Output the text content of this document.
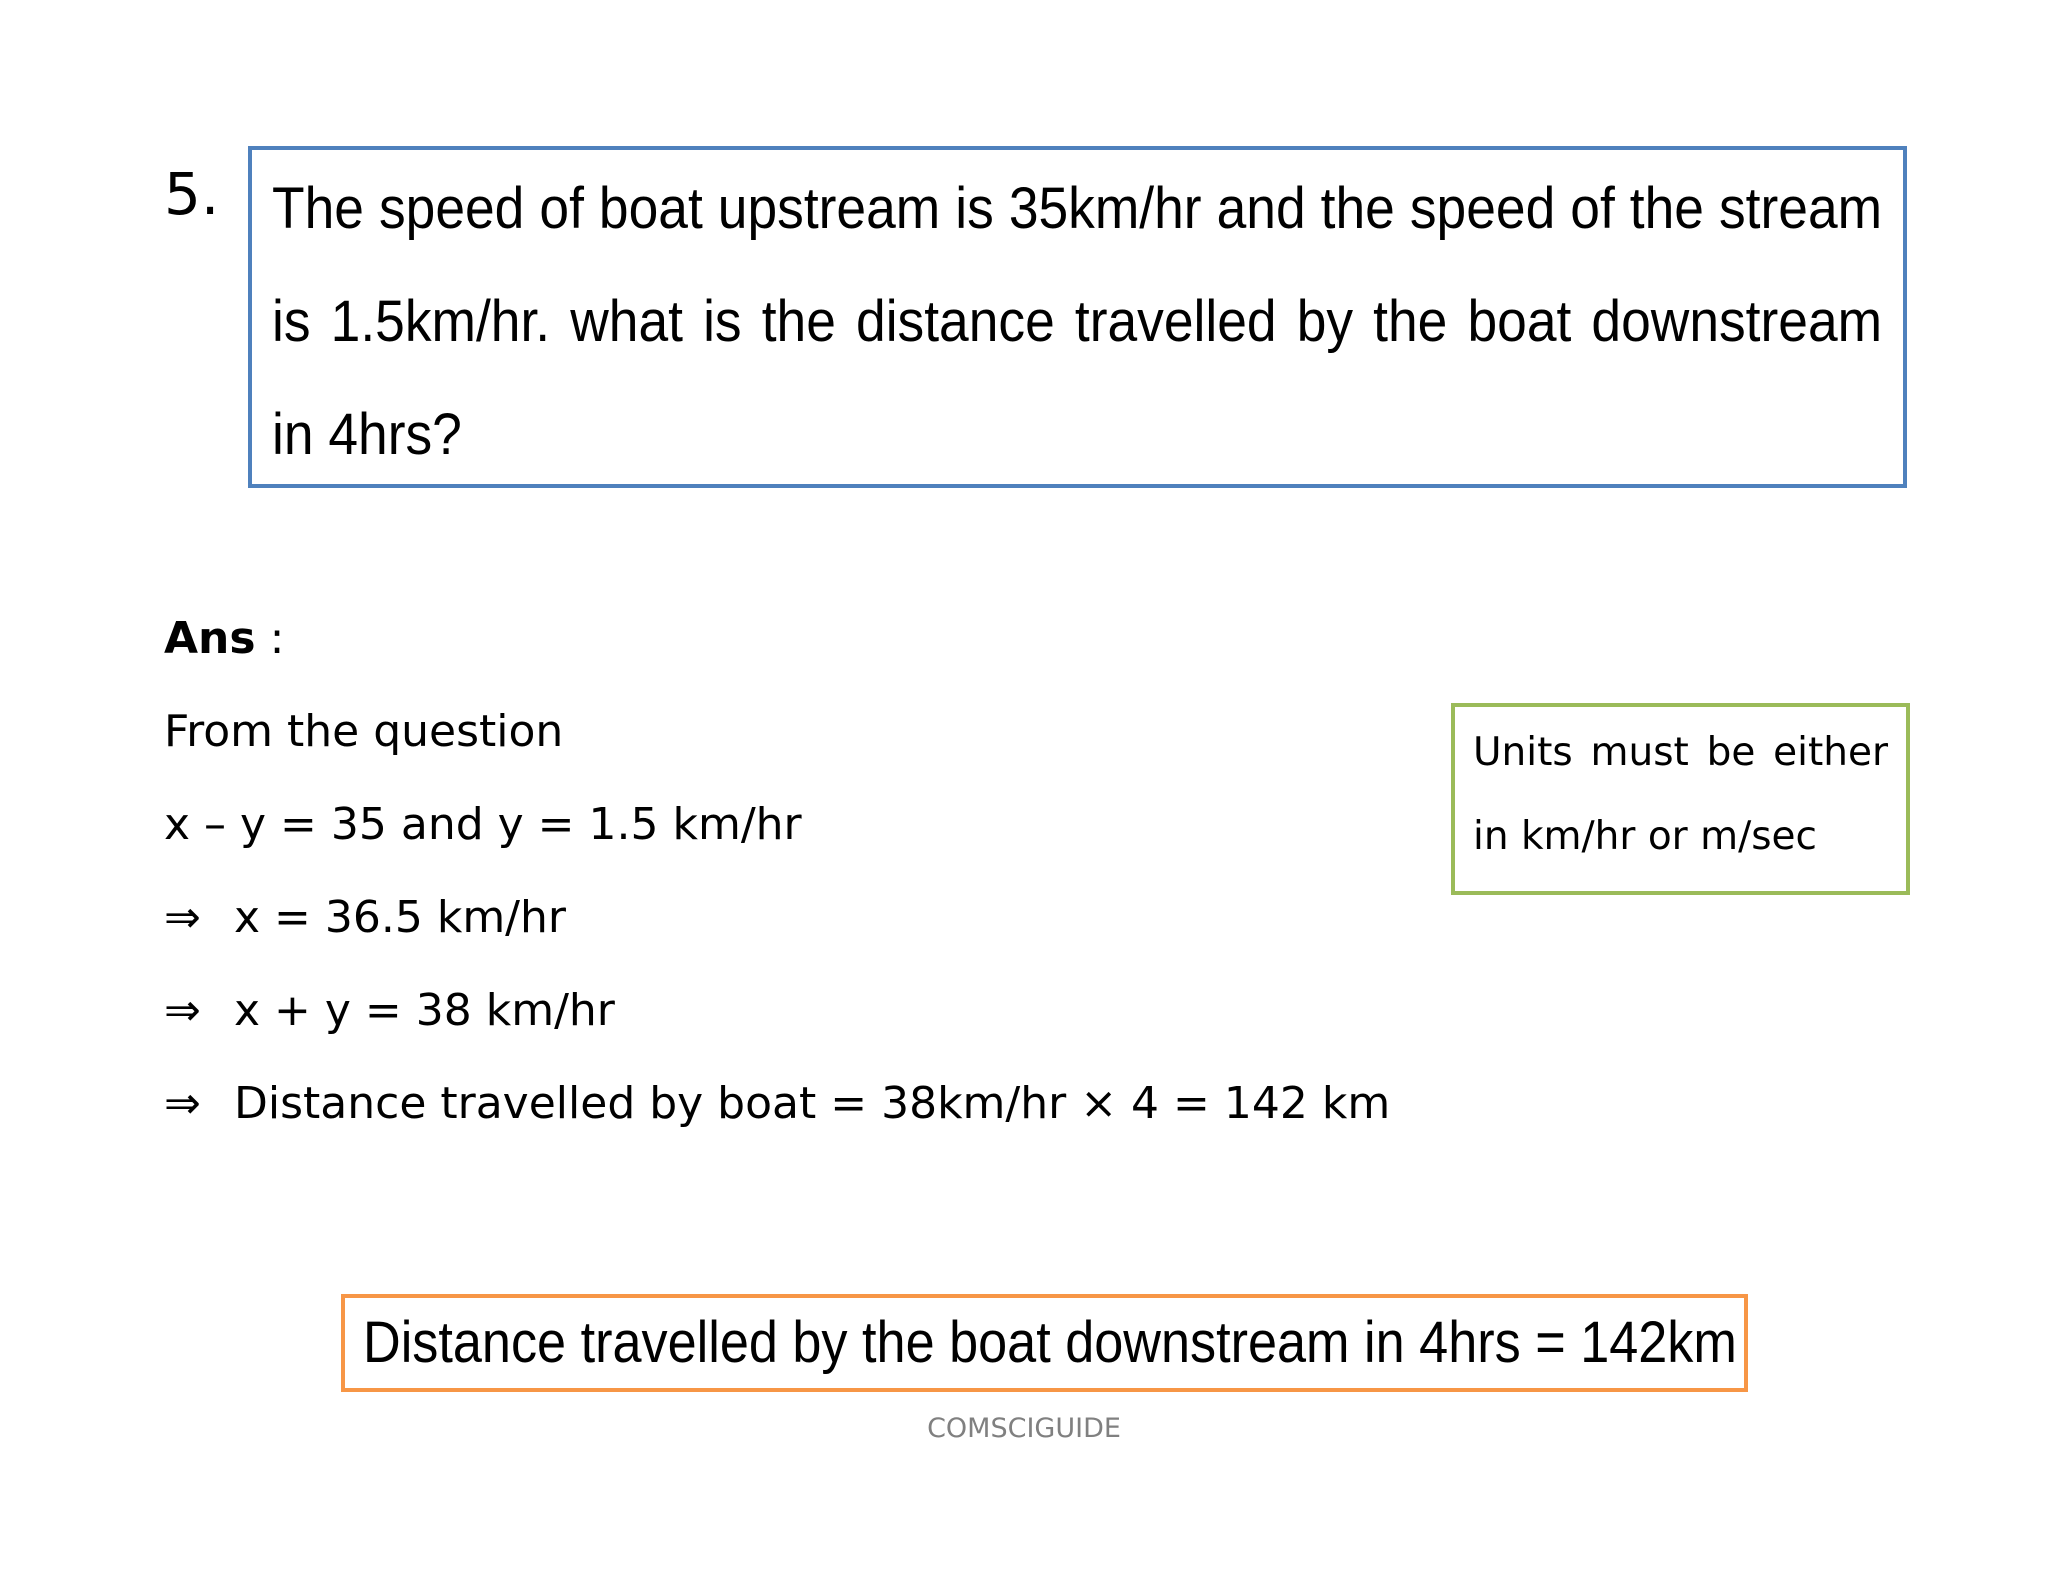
5. The speed of boat upstream is 35km/hr and the speed of the stream is 1.5km/hr. what is the distance travelled by the boat downstream in 4hrs?

Ans :
From the question
x – y = 35 and y = 1.5 km/hr
⇒ x = 36.5 km/hr
⇒ x + y = 38 km/hr
⇒ Distance travelled by boat = 38km/hr × 4 = 142 km

Units must be either in km/hr or m/sec

Distance travelled by the boat downstream in 4hrs = 142km
COMSCIGUIDE
